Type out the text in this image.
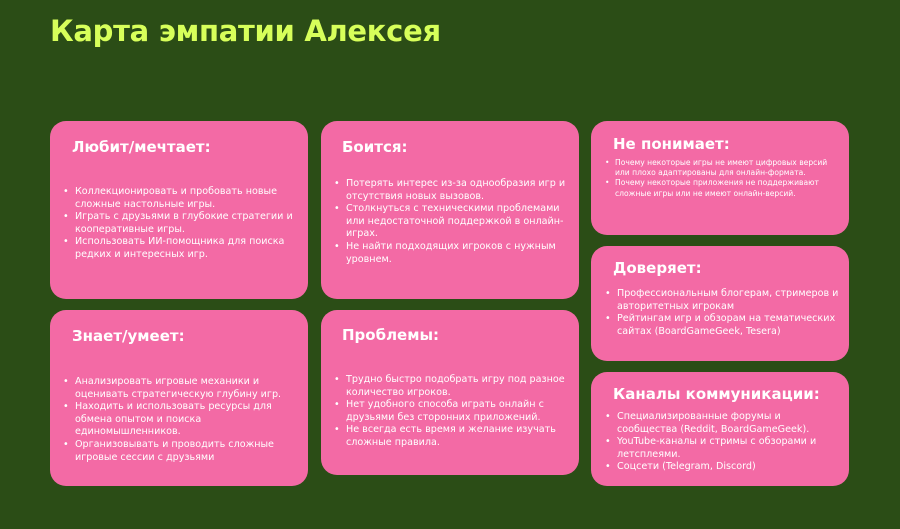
Карта эмпатии Алексея
Любит/мечтает:
• Коллекционировать и пробовать новые сложные настольные игры.
• Играть с друзьями в глубокие стратегии и кооперативные игры.
• Использовать ИИ-помощника для поиска редких и интересных игр.
Боится:
• Потерять интерес из-за однообразия игр и отсутствия новых вызовов.
• Столкнуться с техническими проблемами или недостаточной поддержкой в онлайн-играх.
• Не найти подходящих игроков с нужным уровнем.
Не понимает:
• Почему некоторые игры не имеют цифровых версий или плохо адаптированы для онлайн-формата.
• Почему некоторые приложения не поддерживают сложные игры или не имеют онлайн-версий.
Доверяет:
• Профессиональным блогерам, стримеров и авторитетных игрокам
• Рейтингам игр и обзорам на тематических сайтах (BoardGameGeek, Tesera)
Знает/умеет:
• Анализировать игровые механики и оценивать стратегическую глубину игр.
• Находить и использовать ресурсы для обмена опытом и поиска единомышленников.
• Организовывать и проводить сложные игровые сессии с друзьями
Проблемы:
• Трудно быстро подобрать игру под разное количество игроков.
• Нет удобного способа играть онлайн с друзьями без сторонних приложений.
• Не всегда есть время и желание изучать сложные правила.
Каналы коммуникации:
• Специализированные форумы и сообщества (Reddit, BoardGameGeek).
• YouTube-каналы и стримы с обзорами и летсплеями.
• Соцсети (Telegram, Discord)
